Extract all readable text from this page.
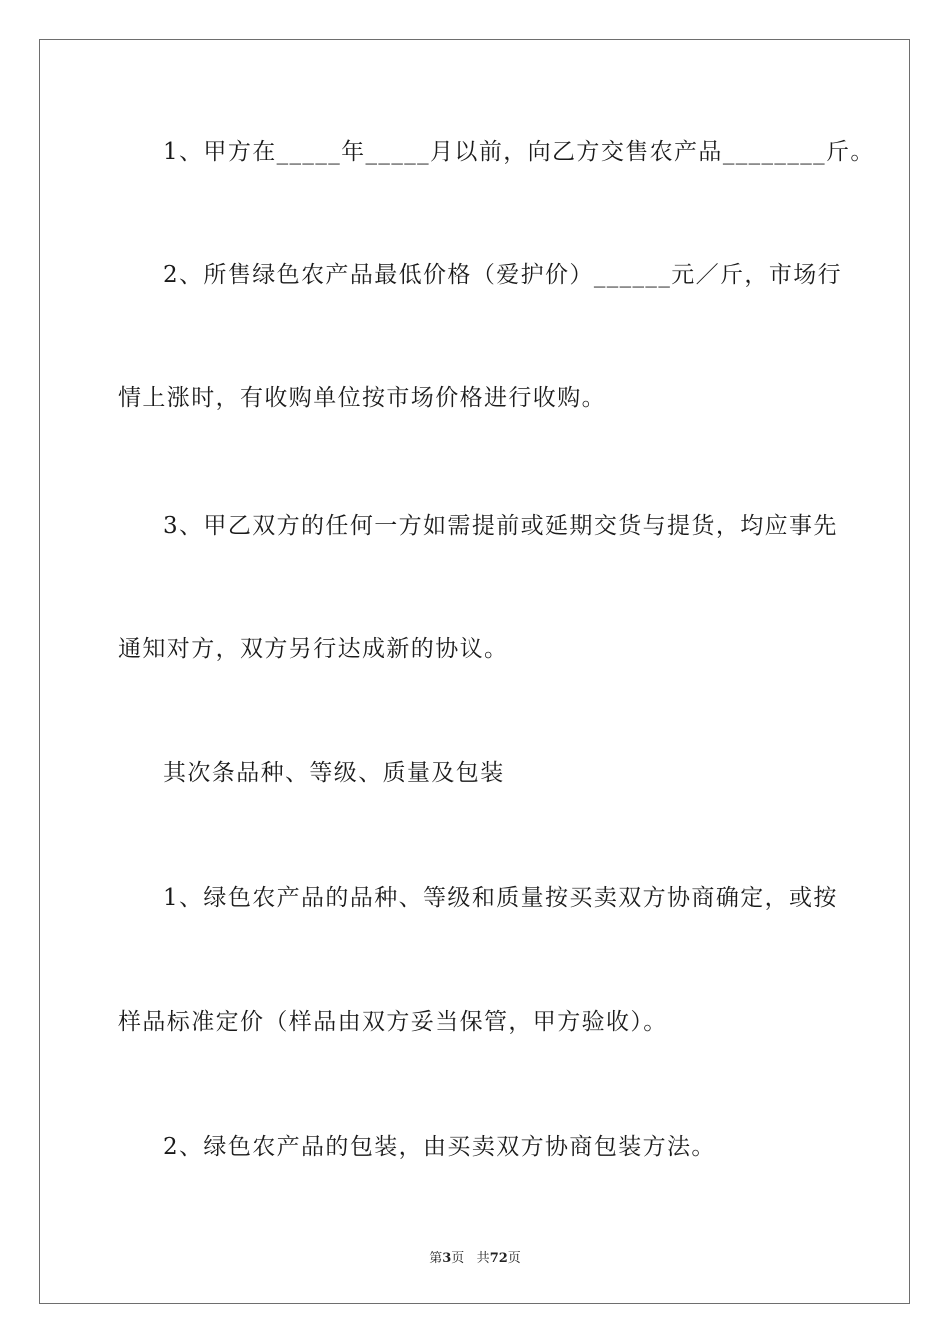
1、甲方在_____年_____月以前，向乙方交售农产品________斤。

2、所售绿色农产品最低价格（爱护价）______元／斤，市场行

情上涨时，有收购单位按市场价格进行收购。

3、甲乙双方的任何一方如需提前或延期交货与提货，均应事先

通知对方，双方另行达成新的协议。

其次条品种、等级、质量及包装

1、绿色农产品的品种、等级和质量按买卖双方协商确定，或按

样品标准定价（样品由双方妥当保管，甲方验收）。

2、绿色农产品的包装，由买卖双方协商包装方法。

第3页 共72页
